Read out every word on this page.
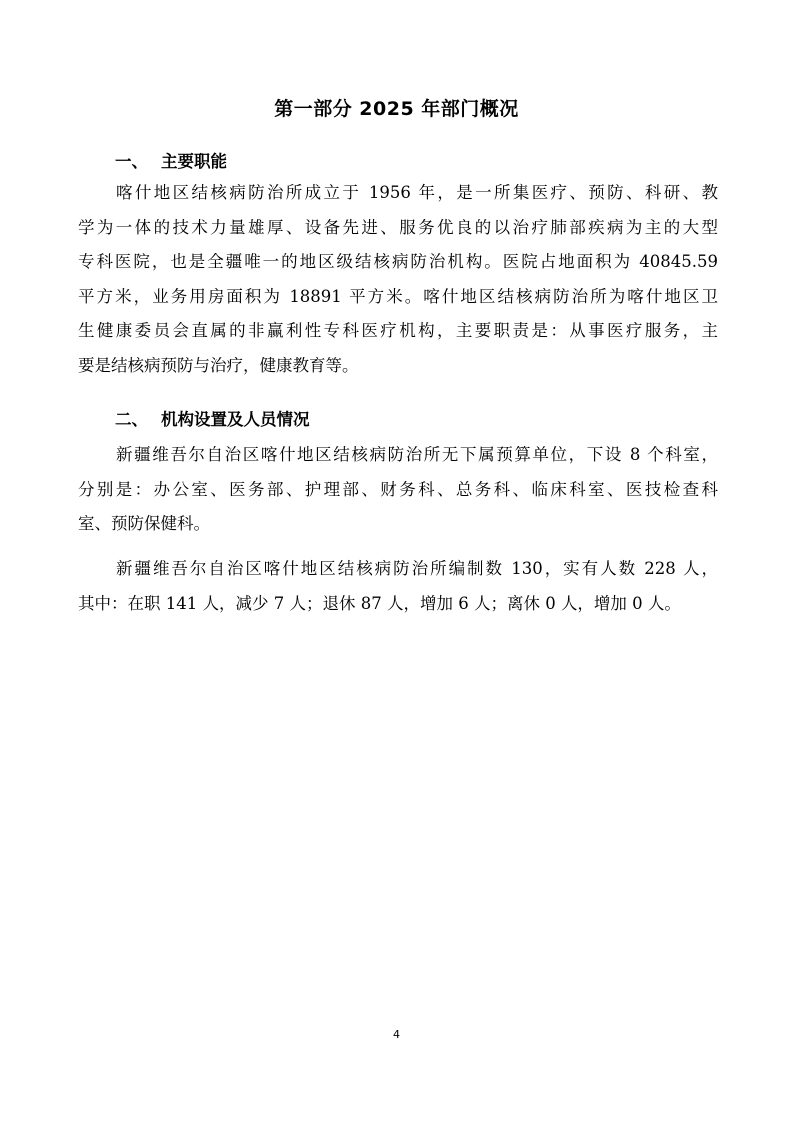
第一部分 2025 年部门概况
一、 主要职能
喀什地区结核病防治所成立于 1956 年，是一所集医疗、预防、科研、教
学为一体的技术力量雄厚、设备先进、服务优良的以治疗肺部疾病为主的大型
专科医院，也是全疆唯一的地区级结核病防治机构。医院占地面积为 40845.59
平方米，业务用房面积为 18891 平方米。喀什地区结核病防治所为喀什地区卫
生健康委员会直属的非赢利性专科医疗机构，主要职责是：从事医疗服务，主
要是结核病预防与治疗，健康教育等。
二、 机构设置及人员情况
新疆维吾尔自治区喀什地区结核病防治所无下属预算单位，下设 8 个科室，
分别是：办公室、医务部、护理部、财务科、总务科、临床科室、医技检查科
室、预防保健科。
新疆维吾尔自治区喀什地区结核病防治所编制数 130，实有人数 228 人，
其中：在职 141 人，减少 7 人；退休 87 人，增加 6 人；离休 0 人，增加 0 人。
4
